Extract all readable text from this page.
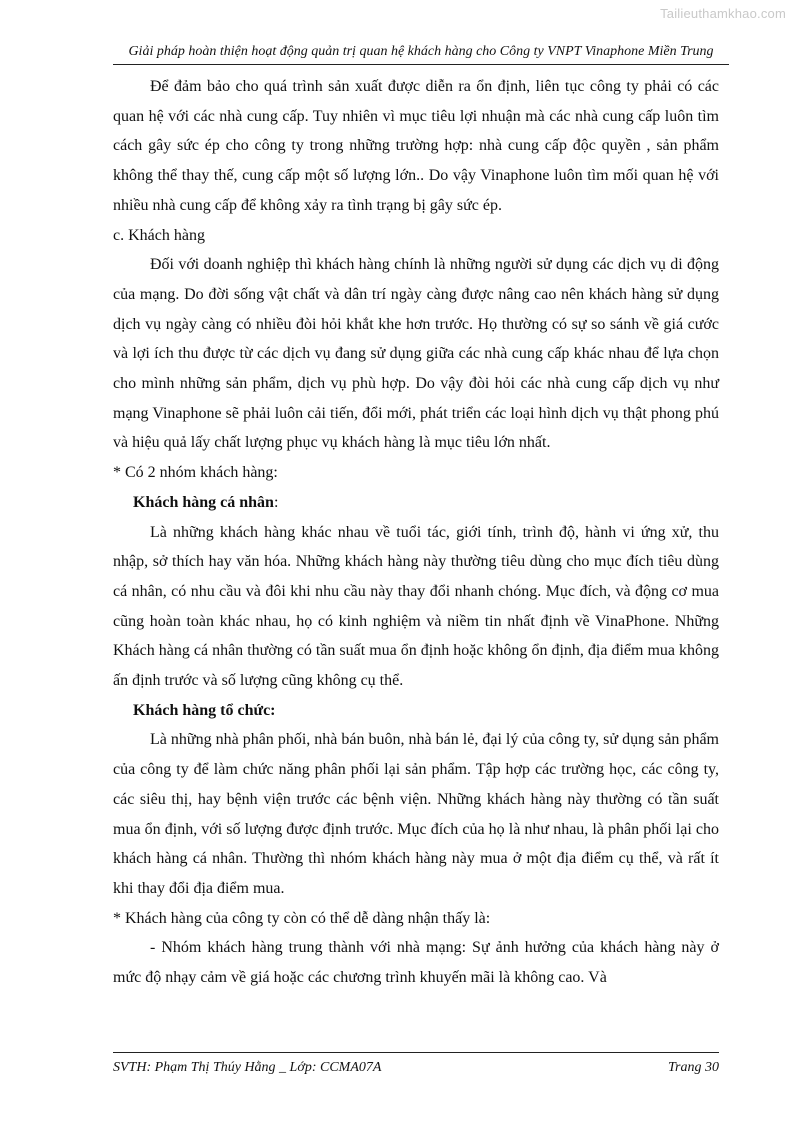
Tailieuthamkhao.com
Giải pháp hoàn thiện hoạt động quản trị quan hệ khách hàng cho Công ty VNPT Vinaphone Miền Trung

Để đảm bảo cho quá trình sản xuất được diễn ra ổn định, liên tục công ty phải có các quan hệ với các nhà cung cấp. Tuy nhiên vì mục tiêu lợi nhuận mà các nhà cung cấp luôn tìm cách gây sức ép cho công ty trong những trường hợp: nhà cung cấp độc quyền , sản phẩm không thể thay thế, cung cấp một số lượng lớn.. Do vậy Vinaphone luôn tìm mối quan hệ với nhiều nhà cung cấp để không xảy ra tình trạng bị gây sức ép.

c. Khách hàng

Đối với doanh nghiệp thì khách hàng chính là những người sử dụng các dịch vụ di động của mạng. Do đời sống vật chất và dân trí ngày càng được nâng cao nên khách hàng sử dụng dịch vụ ngày càng có nhiều đòi hỏi khắt khe hơn trước. Họ thường có sự so sánh về giá cước và lợi ích thu được từ các dịch vụ đang sử dụng giữa các nhà cung cấp khác nhau để lựa chọn cho mình những sản phẩm, dịch vụ phù hợp. Do vậy đòi hỏi các nhà cung cấp dịch vụ như mạng Vinaphone sẽ phải luôn cải tiến, đổi mới, phát triển các loại hình dịch vụ thật phong phú và hiệu quả lấy chất lượng phục vụ khách hàng là mục tiêu lớn nhất.

* Có 2 nhóm khách hàng:

Khách hàng cá nhân:

Là những khách hàng khác nhau về tuổi tác, giới tính, trình độ, hành vi ứng xử, thu nhập, sở thích hay văn hóa. Những khách hàng này thường tiêu dùng cho mục đích tiêu dùng cá nhân, có nhu cầu và đôi khi nhu cầu này thay đổi nhanh chóng. Mục đích, và động cơ mua cũng hoàn toàn khác nhau, họ có kinh nghiệm và niềm tin nhất định về VinaPhone. Những Khách hàng cá nhân thường có tần suất mua ổn định hoặc không ổn định, địa điểm mua không ấn định trước và số lượng cũng không cụ thể.

Khách hàng tổ chức:

Là những nhà phân phối, nhà bán buôn, nhà bán lẻ, đại lý của công ty, sử dụng sản phẩm của công ty để làm chức năng phân phối lại sản phẩm. Tập hợp các trường học, các công ty, các siêu thị, hay bệnh viện trước các bệnh viện. Những khách hàng này thường có tần suất mua ổn định, với số lượng được định trước. Mục đích của họ là như nhau, là phân phối lại cho khách hàng cá nhân. Thường thì nhóm khách hàng này mua ở một địa điểm cụ thể, và rất ít khi thay đổi địa điểm mua.

* Khách hàng của công ty còn có thể dễ dàng nhận thấy là:

- Nhóm khách hàng trung thành với nhà mạng: Sự ảnh hưởng của khách hàng này ở mức độ nhạy cảm về giá hoặc các chương trình khuyến mãi là không cao. Và

SVTH: Phạm Thị Thúy Hằng _ Lớp: CCMA07A	Trang 30
